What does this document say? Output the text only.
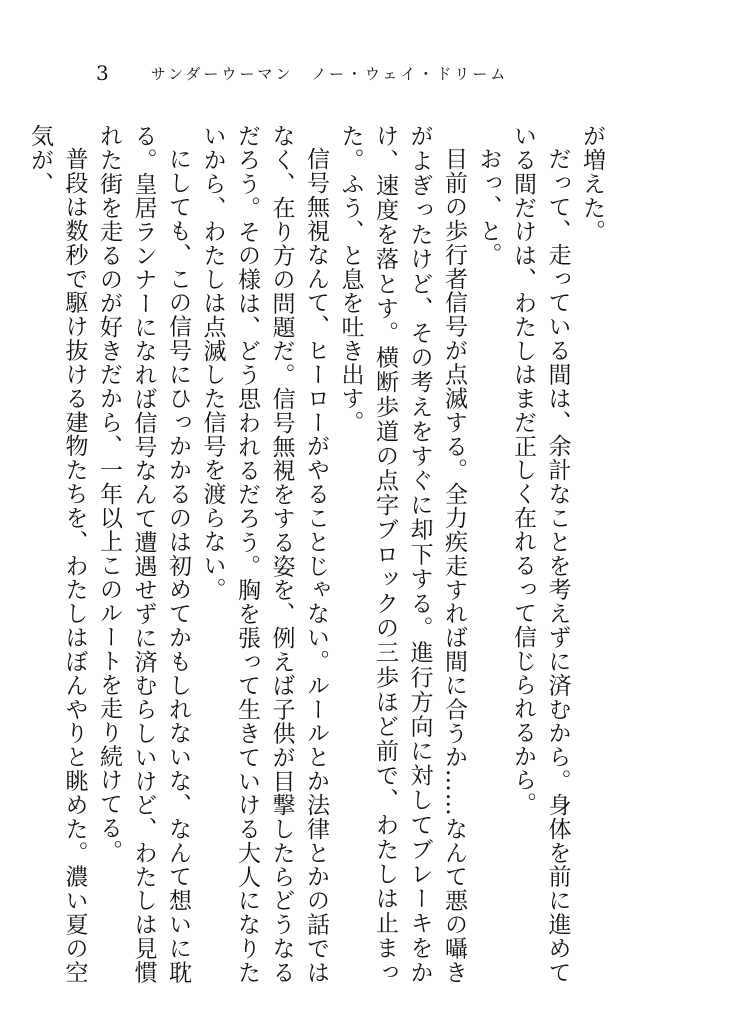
3	サンダーウーマン　ノー・ウェイ・ドリーム

が増えた。

だって、走っている間は、余計なことを考えずに済むから。身体を前に進めている間だけは、わたしはまだ正しく在れるって信じられるから。

おっ、と。

目前の歩行者信号が点滅する。全力疾走すれば間に合うか……なんて悪の囁きがよぎったけど、その考えをすぐに却下する。進行方向に対してブレーキをかけ、速度を落とす。横断歩道の点字ブロックの三歩ほど前で、わたしは止まった。ふう、と息を吐き出す。

信号無視なんて、ヒーローがやることじゃない。ルールとか法律とかの話ではなく、在り方の問題だ。信号無視をする姿を、例えば子供が目撃したらどうなるだろう。その様は、どう思われるだろう。胸を張って生きていける大人になりたいから、わたしは点滅した信号を渡らない。

にしても、この信号にひっかかるのは初めてかもしれないな、なんて想いに耽る。皇居ランナーになれば信号なんて遭遇せずに済むらしいけど、わたしは見慣れた街を走るのが好きだから、一年以上このルートを走り続けてる。

普段は数秒で駆け抜ける建物たちを、わたしはぼんやりと眺めた。濃い夏の空気が、
